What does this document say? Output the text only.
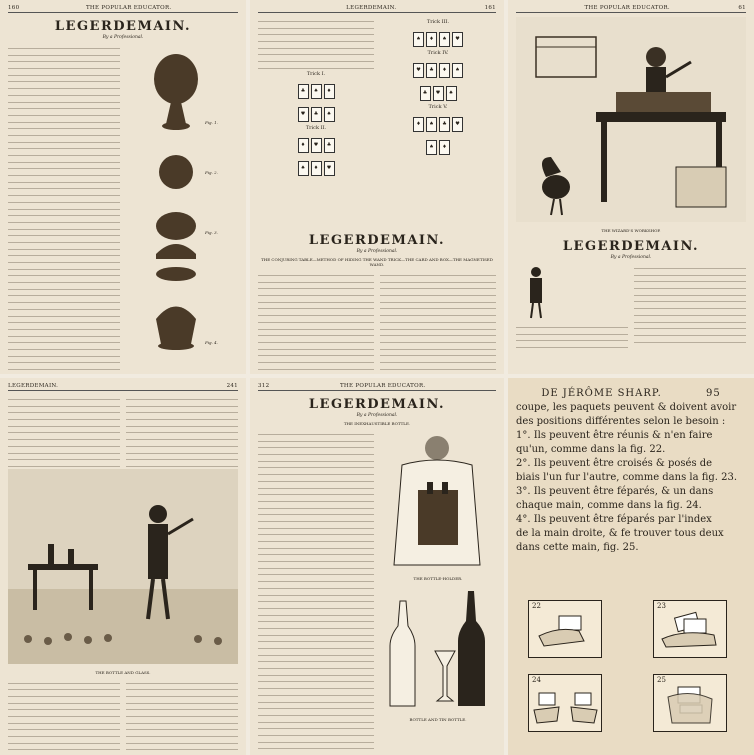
160	THE POPULAR EDUCATOR.
LEGERDEMAIN.
By a Professional.
Fig. 1.
Fig. 2.
Fig. 3.
Fig. 4.
LEGERDEMAIN.	161
Trick I.
♣ ♠ ♦
♥ ♣ ♠
Trick II.
♦ ♥ ♣
♠ ♦ ♥
Trick III.
♠ ♦ ♠ ♥
Trick IV.
♥ ♣ ♦ ♠
♣ ♥ ♠
Trick V.
♦ ♠ ♣ ♥
♠ ♦
LEGERDEMAIN.
By a Professional.
THE CONJURING TABLE—METHOD OF HIDING THE WAND TRICK—THE CARD AND BOX—THE MAGNETISED WAND.
THE POPULAR EDUCATOR.	61
THE WIZARD'S WORKSHOP.
LEGERDEMAIN.
By a Professional.
LEGERDEMAIN.	241
THE BOTTLE AND GLASS.
312	THE POPULAR EDUCATOR.
LEGERDEMAIN.
By a Professional.
THE INEXHAUSTIBLE BOTTLE.
THE BOTTLE-HOLDER.
BOTTLE AND TIN BOTTLE.
DE JÉRÔME SHARP.	95
coupe, les paquets peuvent & doivent avoir
des positions différentes selon le besoin :
1°. Ils peuvent être réunis & n'en faire
qu'un, comme dans la fig. 22.
2°. Ils peuvent être croisés & posés de
biais l'un fur l'autre, comme dans la fig. 23.
3°. Ils peuvent être féparés, & un dans
chaque main, comme dans la fig. 24.
4°. Ils peuvent être féparés par l'index
de la main droite, & fe trouver tous deux
dans cette main, fig. 25.
22	23
24	25
